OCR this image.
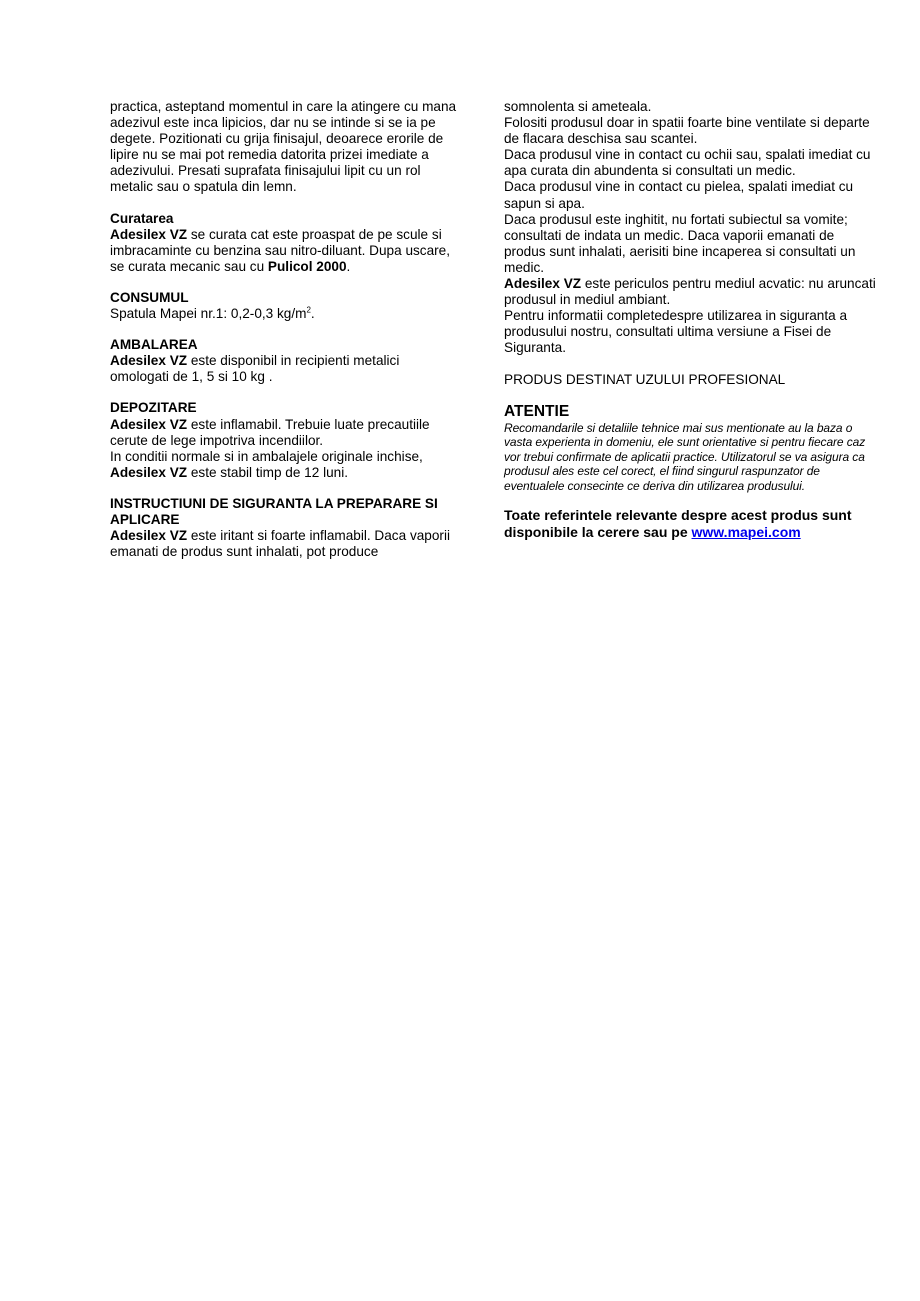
practica, asteptand momentul in care la atingere cu mana adezivul este inca lipicios, dar nu se intinde si se ia pe degete. Pozitionati cu grija finisajul, deoarece erorile de lipire nu se mai pot remedia datorita prizei imediate a adezivului. Presati suprafata finisajului lipit cu un rol metalic sau o spatula din lemn.

Curatarea
Adesilex VZ se curata cat este proaspat de pe scule si imbracaminte cu benzina sau nitro-diluant. Dupa uscare, se curata mecanic sau cu Pulicol 2000.
CONSUMUL
Spatula Mapei nr.1: 0,2-0,3 $kg/m^2$.
AMBALAREA
Adesilex VZ este disponibil in recipienti metalici omologati de 1, 5 si 10 kg .
DEPOZITARE
Adesilex VZ este inflamabil. Trebuie luate precautiile cerute de lege impotriva incendiilor.
In conditii normale si in ambalajele originale inchise,
Adesilex VZ este stabil timp de 12 luni.
INSTRUCTIUNI DE SIGURANTA LA PREPARARE SI APLICARE
Adesilex VZ este iritant si foarte inflamabil. Daca vaporii emanati de produs sunt inhalati, pot produce
somnolenta si ameteala.
Folositi produsul doar in spatii foarte bine ventilate si departe de flacara deschisa sau scantei.
Daca produsul vine in contact cu ochii sau, spalati imediat cu apa curata din abundenta si consultati un medic.
Daca produsul vine in contact cu pielea, spalati imediat cu sapun si apa.
Daca produsul este inghitit, nu fortati subiectul sa vomite; consultati de indata un medic. Daca vaporii emanati de produs sunt inhalati, aerisiti bine incaperea si consultati un medic.
Adesilex VZ este periculos pentru mediul acvatic: nu aruncati produsul in mediul ambiant.
Pentru informatii completedespre utilizarea in siguranta a produsului nostru, consultati ultima versiune a Fisei de Siguranta.

PRODUS DESTINAT UZULUI PROFESIONAL

ATENTIE

Recomandarile si detaliile tehnice mai sus mentionate au la baza o vasta experienta in domeniu, ele sunt orientative si pentru fiecare caz vor trebui confirmate de aplicatii practice. Utilizatorul se va asigura ca produsul ales este cel corect, el fiind singurul raspunzator de eventualele consecinte ce deriva din utilizarea produsului.

Toate referintele relevante despre acest produs sunt disponibile la cerere sau pe www.mapei.com
